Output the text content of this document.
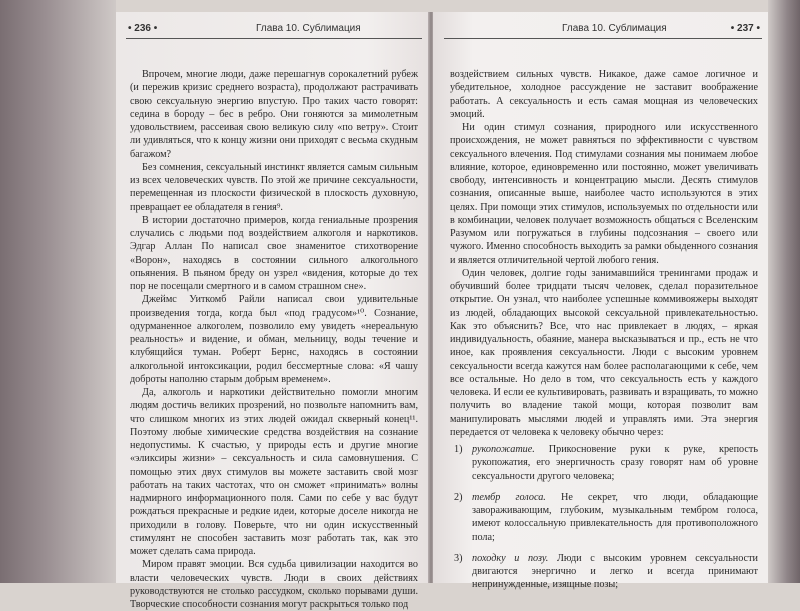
• 236 •	Глава 10. Сублимация

Впрочем, многие люди, даже перешагнув сорокалетний рубеж (и пережив кризис среднего возраста), продолжают растрачивать свою сексуальную энергию впустую. Про таких часто говорят: седина в бороду – бес в ребро. Они гоняются за мимолетным удовольствием, рассеивая свою великую силу «по ветру». Стоит ли удивляться, что к концу жизни они приходят с весьма скудным багажом?

Без сомнения, сексуальный инстинкт является самым сильным из всех человеческих чувств. По этой же причине сексуальности, перемещенная из плоскости физической в плоскость духовную, превращает ее обладателя в гения⁹.

В истории достаточно примеров, когда гениальные прозрения случались с людьми под воздействием алкоголя и наркотиков. Эдгар Аллан По написал свое знаменитое стихотворение «Ворон», находясь в состоянии сильного алкогольного опьянения. В пьяном бреду он узрел «видения, которые до тех пор не посещали смертного и в самом страшном сне».

Джеймс Уиткомб Райли написал свои удивительные произведения тогда, когда был «под градусом»¹⁰. Сознание, одурманенное алкоголем, позволило ему увидеть «нереальную реальность» и видение, и обман, мельницу, воды течение и клубящийся туман. Роберт Бернс, находясь в состоянии алкогольной интоксикации, родил бессмертные слова: «Я чашу доброты наполню старым добрым временем».

Да, алкоголь и наркотики действительно помогли многим людям достичь великих прозрений, но позвольте напомнить вам, что слишком многих из этих людей ожидал скверный конец¹¹. Поэтому любые химические средства воздействия на сознание недопустимы. К счастью, у природы есть и другие многие «эликсиры жизни» – сексуальность и сила самовнушения. С помощью этих двух стимулов вы можете заставить свой мозг работать на таких частотах, что он сможет «принимать» волны надмирного информационного поля. Сами по себе у вас будут рождаться прекрасные и редкие идеи, которые доселе никогда не приходили в голову. Поверьте, что ни один искусственный стимулянт не способен заставить мозг работать так, как это может сделать сама природа.

Миром правят эмоции. Вся судьба цивилизации находится во власти человеческих чувств. Люди в своих действиях руководствуются не столько рассудком, сколько порывами души. Творческие способности сознания могут раскрыться только под

Глава 10. Сублимация	• 237 •

воздействием сильных чувств. Никакое, даже самое логичное и убедительное, холодное рассуждение не заставит воображение работать. А сексуальность и есть самая мощная из человеческих эмоций.

Ни один стимул сознания, природного или искусственного происхождения, не может равняться по эффективности с чувством сексуального влечения. Под стимулами сознания мы понимаем любое влияние, которое, единовременно или постоянно, может увеличивать свободу, интенсивность и концентрацию мысли. Десять стимулов сознания, описанные выше, наиболее часто используются в этих целях. При помощи этих стимулов, используемых по отдельности или в комбинации, человек получает возможность общаться с Вселенским Разумом или погружаться в глубины подсознания – своего или чужого. Именно способность выходить за рамки обыденного сознания и является отличительной чертой любого гения.

Один человек, долгие годы занимавшийся тренингами продаж и обучивший более тридцати тысяч человек, сделал поразительное открытие. Он узнал, что наиболее успешные коммивояжеры выходят из людей, обладающих высокой сексуальной привлекательностью. Как это объяснить? Все, что нас привлекает в людях, – яркая индивидуальность, обаяние, манера высказываться и пр., есть не что иное, как проявления сексуальности. Люди с высоким уровнем сексуальности всегда кажутся нам более располагающими к себе, чем все остальные. Но дело в том, что сексуальность есть у каждого человека. И если ее культивировать, развивать и взращивать, то можно получить во владение такой мощи, которая позволит вам манипулировать мыслями людей и управлять ими. Эта энергия передается от человека к человеку обычно через:

1) рукопожатие. Прикосновение руки к руке, крепость рукопожатия, его энергичность сразу говорят нам об уровне сексуальности другого человека;
2) тембр голоса. Не секрет, что люди, обладающие завораживающим, глубоким, музыкальным тембром голоса, имеют колоссальную привлекательность для противоположного пола;
3) походку и позу. Люди с высоким уровнем сексуальности двигаются энергично и легко и всегда принимают непринужденные, изящные позы;
